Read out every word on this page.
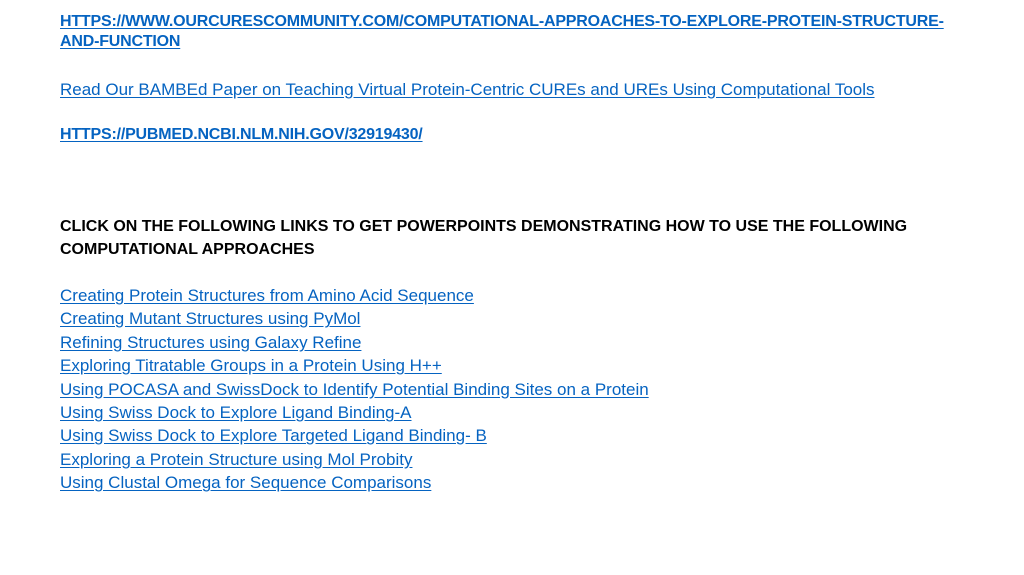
HTTPS://WWW.OURCURESCOMMUNITY.COM/COMPUTATIONAL-APPROACHES-TO-EXPLORE-PROTEIN-STRUCTURE-AND-FUNCTION
Read Our BAMBEd Paper on Teaching Virtual Protein-Centric CUREs and UREs Using Computational Tools
HTTPS://PUBMED.NCBI.NLM.NIH.GOV/32919430/

CLICK ON THE FOLLOWING LINKS TO GET POWERPOINTS DEMONSTRATING HOW TO USE THE FOLLOWING COMPUTATIONAL APPROACHES

Creating Protein Structures from Amino Acid Sequence
Creating Mutant Structures using PyMol
Refining Structures using Galaxy Refine
Exploring Titratable Groups in a Protein Using H++
Using POCASA and SwissDock to Identify Potential Binding Sites on a Protein
Using Swiss Dock to Explore Ligand Binding-A
Using Swiss Dock to Explore Targeted Ligand Binding- B
Exploring a Protein Structure using Mol Probity
Using Clustal Omega for Sequence Comparisons
